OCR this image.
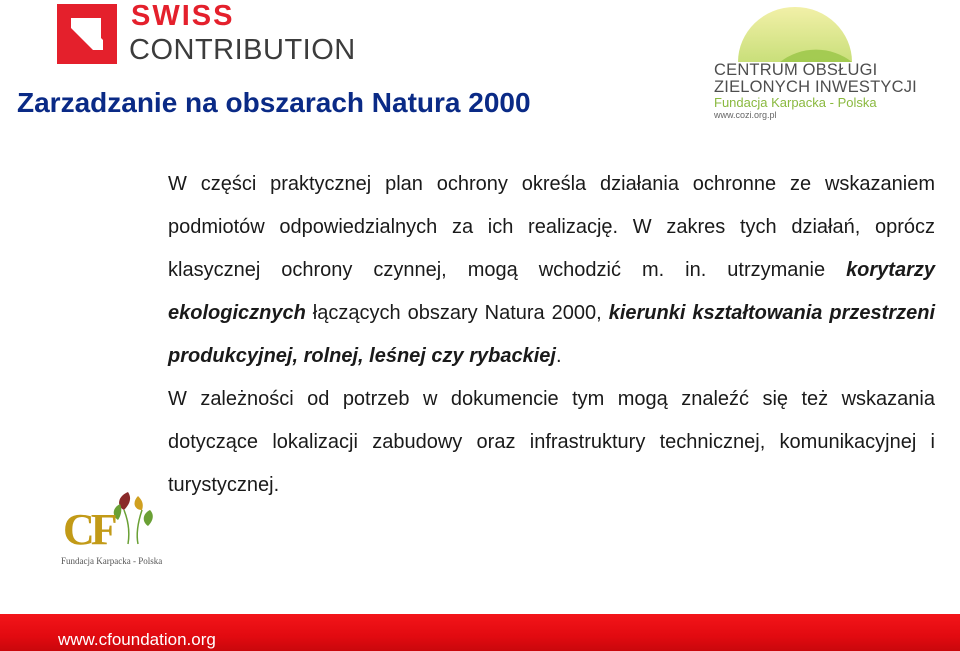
SWISS
CONTRIBUTION
CENTRUM OBSŁUGI
ZIELONYCH INWESTYCJI
Fundacja Karpacka - Polska
www.cozi.org.pl
Zarzadzanie na obszarach Natura 2000

W części praktycznej plan ochrony określa działania ochronne ze wskazaniem podmiotów odpowiedzialnych za ich realizację. W zakres tych działań, oprócz klasycznej ochrony czynnej, mogą wchodzić m. in. utrzymanie korytarzy ekologicznych łączących obszary Natura 2000, kierunki kształtowania przestrzeni produkcyjnej, rolnej, leśnej czy rybackiej.

W zależności od potrzeb w dokumencie tym mogą znaleźć się też wskazania dotyczące lokalizacji zabudowy oraz infrastruktury technicznej, komunikacyjnej i turystycznej.

CF
Fundacja Karpacka - Polska
www.cfoundation.org
